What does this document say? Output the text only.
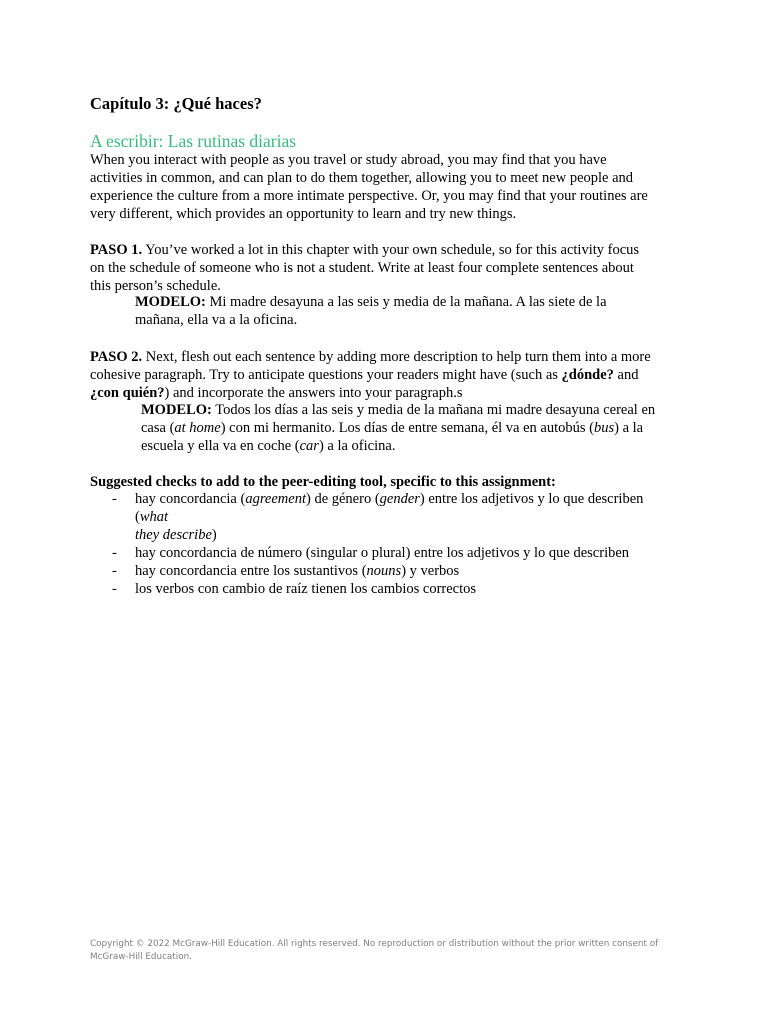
Capítulo 3: ¿Qué haces?
A escribir: Las rutinas diarias
When you interact with people as you travel or study abroad, you may find that you have
activities in common, and can plan to do them together, allowing you to meet new people and
experience the culture from a more intimate perspective. Or, you may find that your routines are
very different, which provides an opportunity to learn and try new things.
PASO 1. You’ve worked a lot in this chapter with your own schedule, so for this activity focus
on the schedule of someone who is not a student. Write at least four complete sentences about
this person’s schedule.
MODELO: Mi madre desayuna a las seis y media de la mañana. A las siete de la
mañana, ella va a la oficina.
PASO 2. Next, flesh out each sentence by adding more description to help turn them into a more
cohesive paragraph. Try to anticipate questions your readers might have (such as ¿dónde? and
¿con quién?) and incorporate the answers into your paragraph.s
MODELO: Todos los días a las seis y media de la mañana mi madre desayuna cereal en
casa (at home) con mi hermanito. Los días de entre semana, él va en autobús (bus) a la
escuela y ella va en coche (car) a la oficina.
Suggested checks to add to the peer-editing tool, specific to this assignment:
- hay concordancia (agreement) de género (gender) entre los adjetivos y lo que describen
(what
they describe)
- hay concordancia de número (singular o plural) entre los adjetivos y lo que describen
- hay concordancia entre los sustantivos (nouns) y verbos
- los verbos con cambio de raíz tienen los cambios correctos
Copyright © 2022 McGraw-Hill Education. All rights reserved. No reproduction or distribution without the prior written consent of
McGraw-Hill Education.
